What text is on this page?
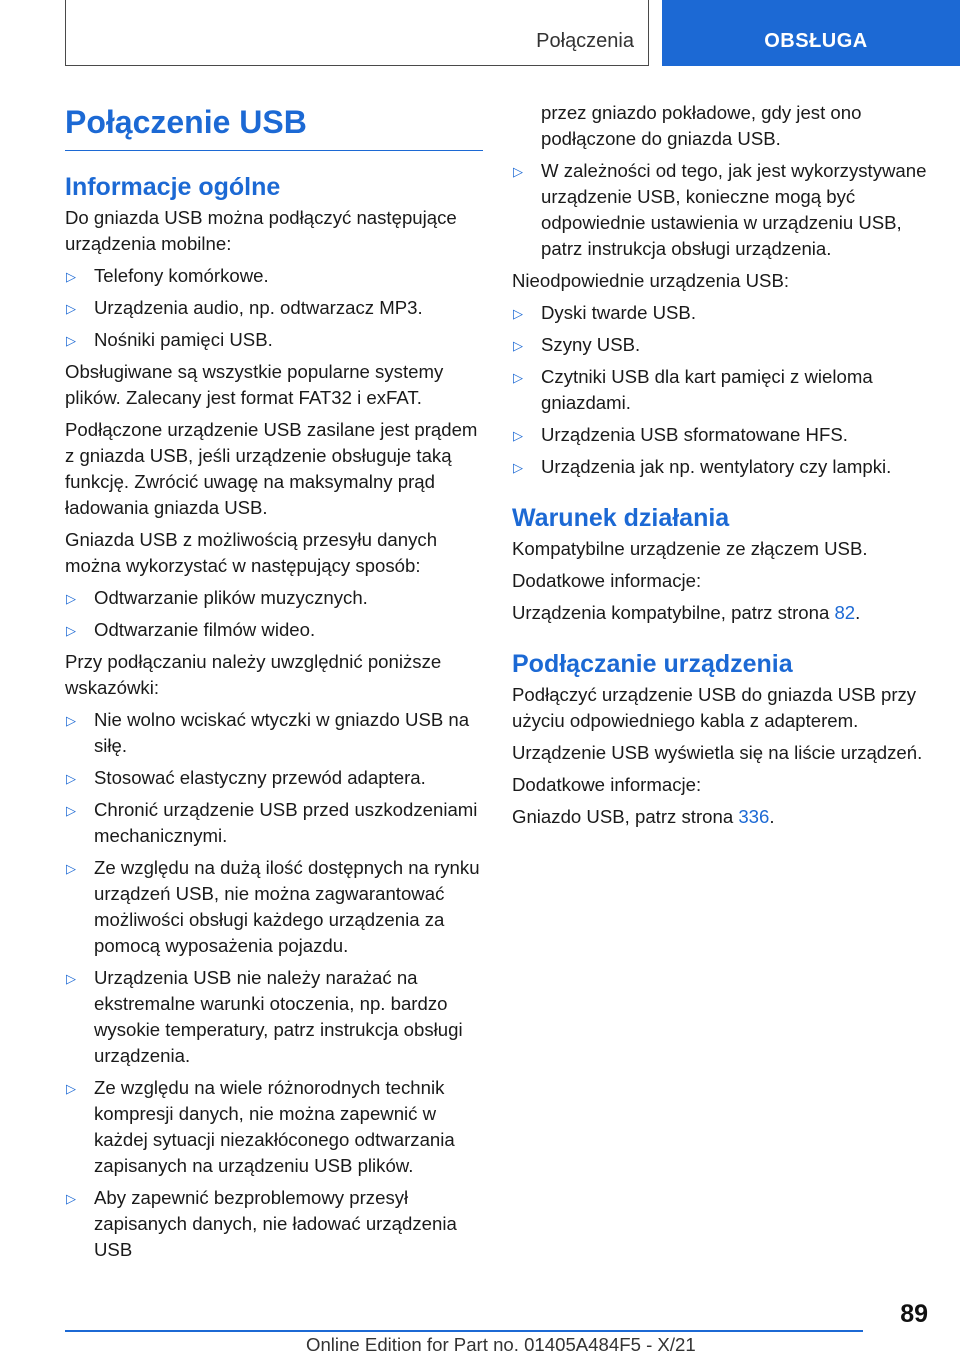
Połączenia	OBSŁUGA
Połączenie USB
Informacje ogólne

Do gniazda USB można podłączyć następujące urządzenia mobilne:

▷ Telefony komórkowe.
▷ Urządzenia audio, np. odtwarzacz MP3.
▷ Nośniki pamięci USB.

Obsługiwane są wszystkie popularne systemy plików. Zalecany jest format FAT32 i exFAT.

Podłączone urządzenie USB zasilane jest prądem z gniazda USB, jeśli urządzenie obsługuje taką funkcję. Zwrócić uwagę na maksymalny prąd ładowania gniazda USB.

Gniazda USB z możliwością przesyłu danych można wykorzystać w następujący sposób:

▷ Odtwarzanie plików muzycznych.
▷ Odtwarzanie filmów wideo.

Przy podłączaniu należy uwzględnić poniższe wskazówki:

▷ Nie wolno wciskać wtyczki w gniazdo USB na siłę.
▷ Stosować elastyczny przewód adaptera.
▷ Chronić urządzenie USB przed uszkodzeniami mechanicznymi.
▷ Ze względu na dużą ilość dostępnych na rynku urządzeń USB, nie można zagwarantować możliwości obsługi każdego urządzenia za pomocą wyposażenia pojazdu.
▷ Urządzenia USB nie należy narażać na ekstremalne warunki otoczenia, np. bardzo wysokie temperatury, patrz instrukcja obsługi urządzenia.
▷ Ze względu na wiele różnorodnych technik kompresji danych, nie można zapewnić w każdej sytuacji niezakłóconego odtwarzania zapisanych na urządzeniu USB plików.
▷ Aby zapewnić bezproblemowy przesył zapisanych danych, nie ładować urządzenia USB
przez gniazdo pokładowe, gdy jest ono podłączone do gniazda USB.
▷ W zależności od tego, jak jest wykorzystywane urządzenie USB, konieczne mogą być odpowiednie ustawienia w urządzeniu USB, patrz instrukcja obsługi urządzenia.

Nieodpowiednie urządzenia USB:

▷ Dyski twarde USB.
▷ Szyny USB.
▷ Czytniki USB dla kart pamięci z wieloma gniazdami.
▷ Urządzenia USB sformatowane HFS.
▷ Urządzenia jak np. wentylatory czy lampki.
Warunek działania

Kompatybilne urządzenie ze złączem USB.

Dodatkowe informacje:

Urządzenia kompatybilne, patrz strona 82.

Podłączanie urządzenia

Podłączyć urządzenie USB do gniazda USB przy użyciu odpowiedniego kabla z adapterem.

Urządzenie USB wyświetla się na liście urządzeń.

Dodatkowe informacje:

Gniazdo USB, patrz strona 336.

89
Online Edition for Part no. 01405A484F5 - X/21
